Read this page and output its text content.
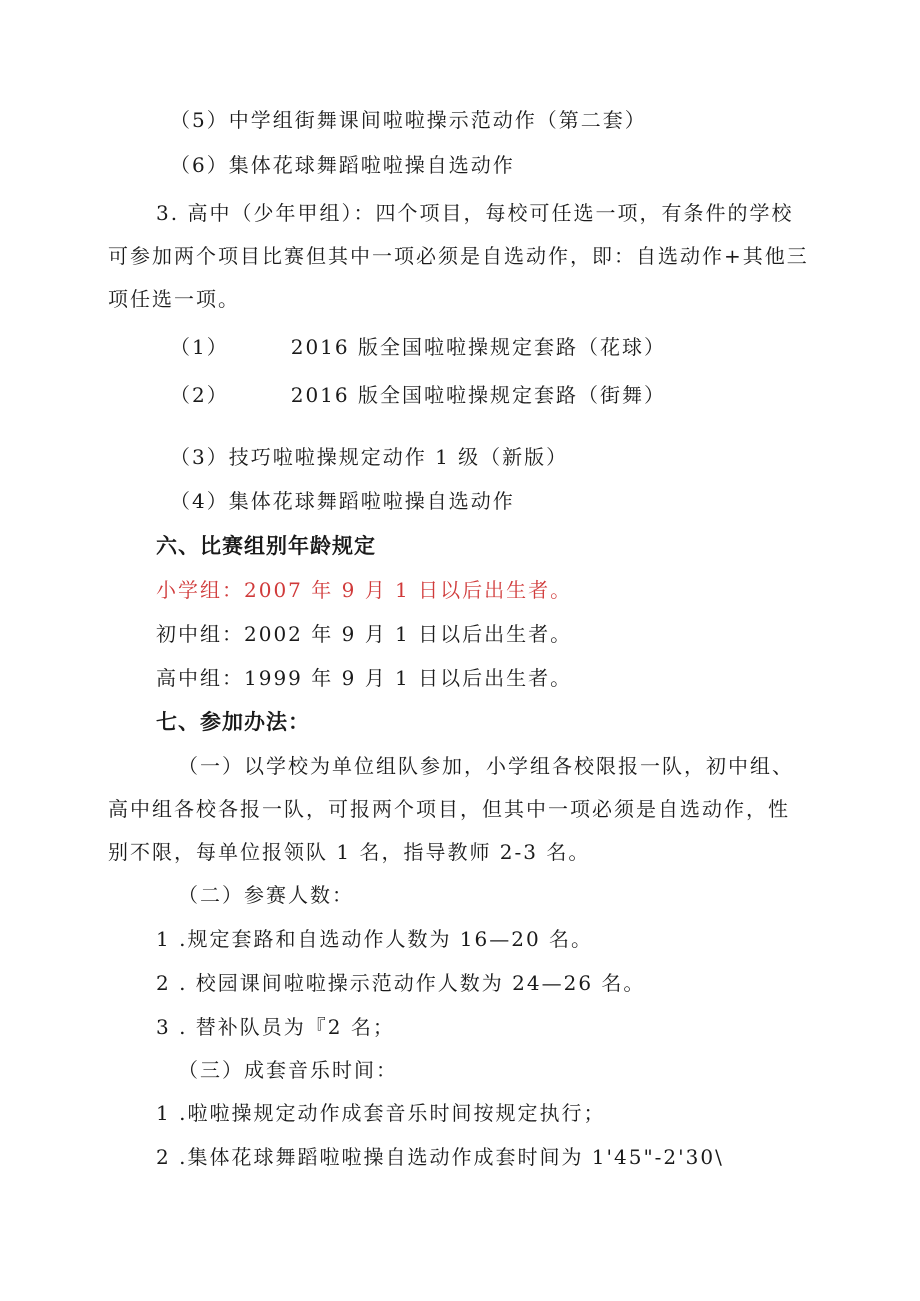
（5）中学组街舞课间啦啦操示范动作（第二套）
（6）集体花球舞蹈啦啦操自选动作
3. 高中（少年甲组）：四个项目，每校可任选一项，有条件的学校
可参加两个项目比赛但其中一项必须是自选动作，即：自选动作+其他三
项任选一项。
（1）	2016 版全国啦啦操规定套路（花球）
（2）	2016 版全国啦啦操规定套路（街舞）
（3）技巧啦啦操规定动作 1 级（新版）
（4）集体花球舞蹈啦啦操自选动作
六、比赛组别年龄规定
小学组：2007 年 9 月 1 日以后出生者。
初中组：2002 年 9 月 1 日以后出生者。
高中组：1999 年 9 月 1 日以后出生者。
七、参加办法：
（一）以学校为单位组队参加，小学组各校限报一队，初中组、
高中组各校各报一队，可报两个项目，但其中一项必须是自选动作，性
别不限，每单位报领队 1 名，指导教师 2-3 名。
（二）参赛人数：
1 .规定套路和自选动作人数为 16—20 名。
2 . 校园课间啦啦操示范动作人数为 24—26 名。
3 . 替补队员为『2 名；
（三）成套音乐时间：
1 .啦啦操规定动作成套音乐时间按规定执行；
2 .集体花球舞蹈啦啦操自选动作成套时间为 1'45"-2'30\
